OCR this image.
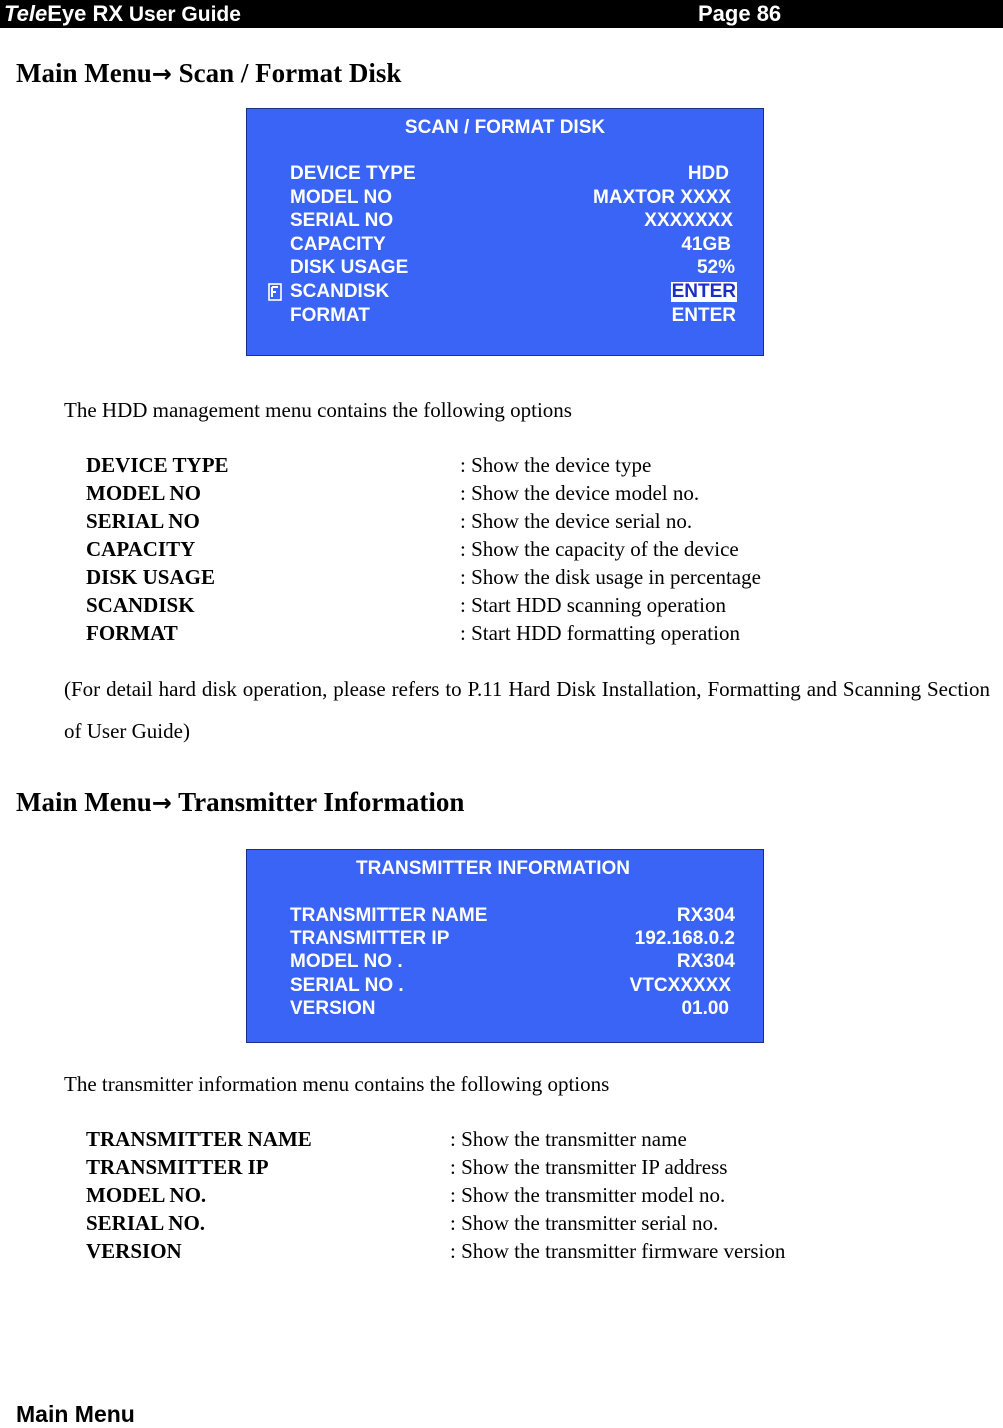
TeleEye RX User Guide	Page 86
Main Menu→ Scan / Format Disk
SCAN / FORMAT DISK
DEVICE TYPE	HDD
MODEL NO	MAXTOR XXXX
SERIAL NO	XXXXXXX
CAPACITY	41GB
DISK USAGE	52%
SCANDISK	ENTER
FORMAT	ENTER
The HDD management menu contains the following options
DEVICE TYPE	: Show the device type
MODEL NO	: Show the device model no.
SERIAL NO	: Show the device serial no.
CAPACITY	: Show the capacity of the device
DISK USAGE	: Show the disk usage in percentage
SCANDISK	: Start HDD scanning operation
FORMAT	: Start HDD formatting operation
(For detail hard disk operation, please refers to P.11 Hard Disk Installation, Formatting and Scanning Section of User Guide)
Main Menu→ Transmitter Information
TRANSMITTER INFORMATION
TRANSMITTER NAME	RX304
TRANSMITTER IP	192.168.0.2
MODEL NO .	RX304
SERIAL NO .	VTCXXXXX
VERSION	01.00
The transmitter information menu contains the following options
TRANSMITTER NAME	: Show the transmitter name
TRANSMITTER IP	: Show the transmitter IP address
MODEL NO.	: Show the transmitter model no.
SERIAL NO.	: Show the transmitter serial no.
VERSION	: Show the transmitter firmware version
Main Menu
